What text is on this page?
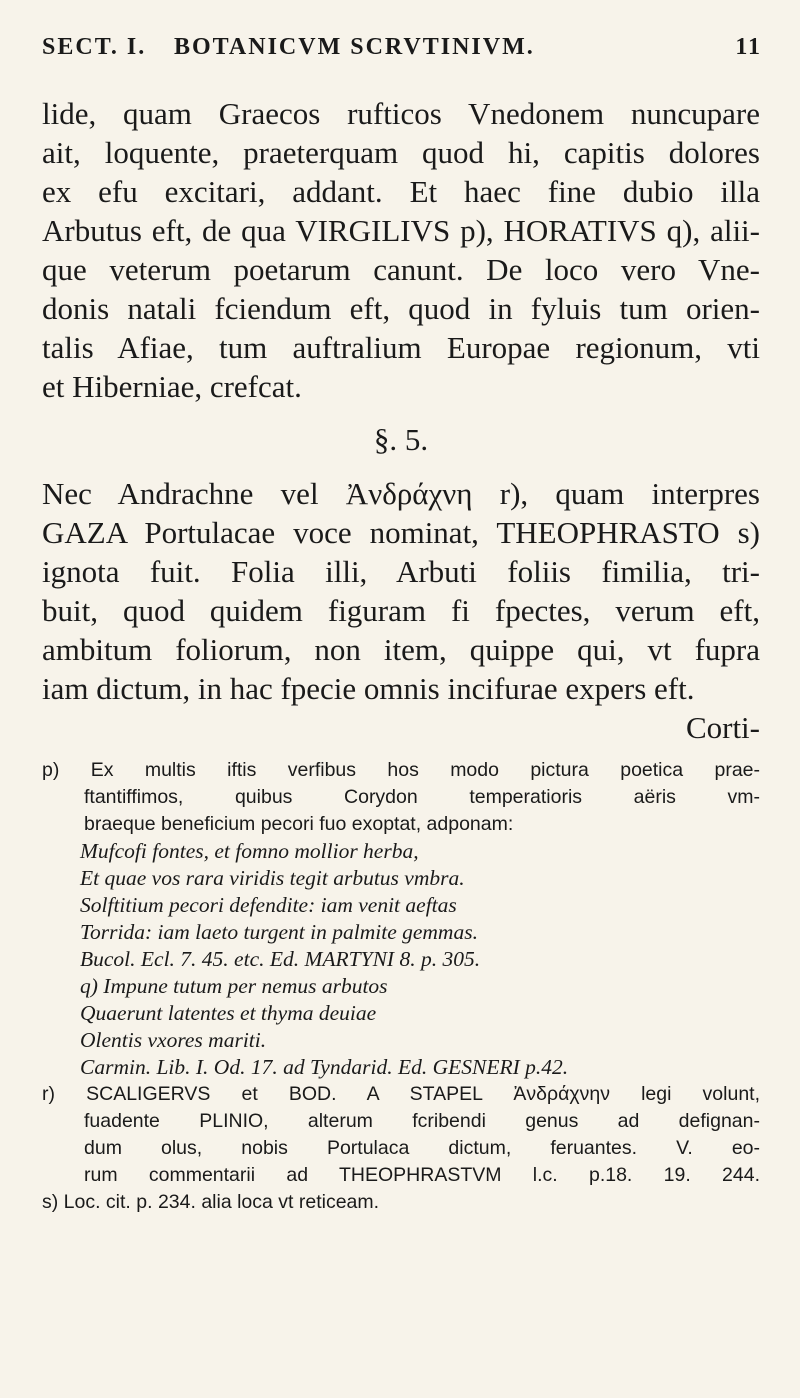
SECT. I. BOTANICVM SCRVTINIVM.	11
lide, quam Graecos rufticos Vnedonem nuncupare
ait, loquente, praeterquam quod hi, capitis dolores
ex efu excitari, addant. Et haec fine dubio illa
Arbutus eft, de qua VIRGILIVS p), HORATIVS q), alii-
que veterum poetarum canunt. De loco vero Vne-
donis natali fciendum eft, quod in fyluis tum orien-
talis Afiae, tum auftralium Europae regionum, vti
et Hiberniae, crefcat.
§. 5.
Nec Andrachne vel Ἀνδράχνη r), quam interpres
GAZA Portulacae voce nominat, THEOPHRASTO s)
ignota fuit. Folia illi, Arbuti foliis fimilia, tri-
buit, quod quidem figuram fi fpectes, verum eft,
ambitum foliorum, non item, quippe qui, vt fupra
iam dictum, in hac fpecie omnis incifurae expers eft.
Corti-
p) Ex multis iftis verfibus hos modo pictura poetica prae-
ftantiffimos, quibus Corydon temperatioris aëris vm-
braeque beneficium pecori fuo exoptat, adponam:
Mufcofi fontes, et fomno mollior herba,
Et quae vos rara viridis tegit arbutus vmbra.
Solftitium pecori defendite: iam venit aeftas
Torrida: iam laeto turgent in palmite gemmas.
Bucol. Ecl. 7. 45. etc. Ed. MARTYNI 8. p. 305.
q) Impune tutum per nemus arbutos
Quaerunt latentes et thyma deuiae
Olentis vxores mariti.
Carmin. Lib. I. Od. 17. ad Tyndarid. Ed. GESNERI p.42.
r) SCALIGERVS et BOD. A STAPEL Ἀνδράχνην legi volunt,
fuadente PLINIO, alterum fcribendi genus ad defignan-
dum olus, nobis Portulaca dictum, feruantes. V. eo-
rum commentarii ad THEOPHRASTVM l.c. p.18. 19. 244.
s) Loc. cit. p. 234. alia loca vt reticeam.
